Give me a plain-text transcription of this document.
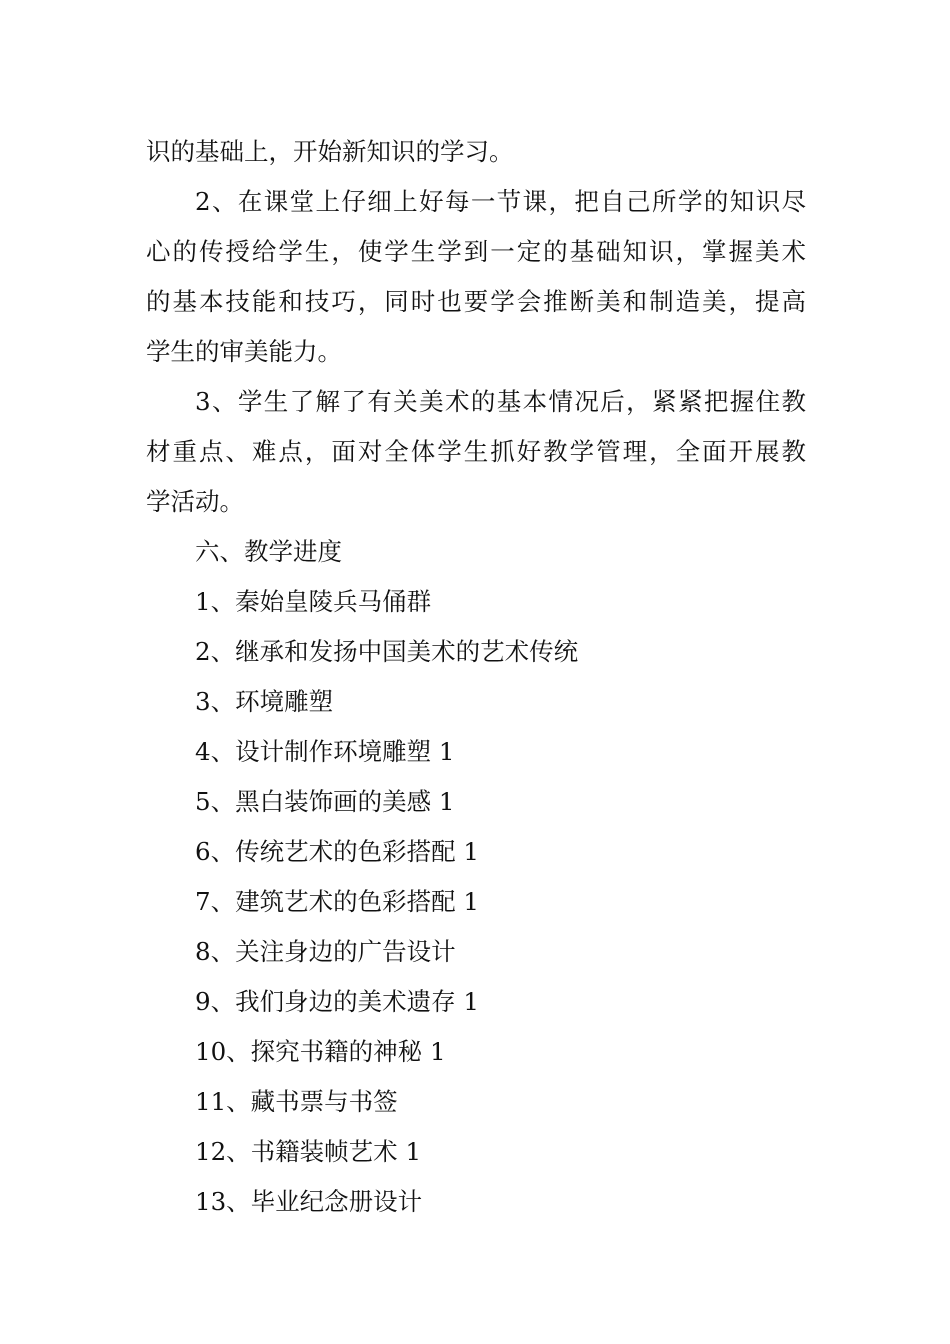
识的基础上，开始新知识的学习。
2、在课堂上仔细上好每一节课，把自己所学的知识尽
心的传授给学生，使学生学到一定的基础知识，掌握美术
的基本技能和技巧，同时也要学会推断美和制造美，提高
学生的审美能力。
3、学生了解了有关美术的基本情况后，紧紧把握住教
材重点、难点，面对全体学生抓好教学管理，全面开展教
学活动。
六、教学进度
1、秦始皇陵兵马俑群
2、继承和发扬中国美术的艺术传统
3、环境雕塑
4、设计制作环境雕塑 1
5、黑白装饰画的美感 1
6、传统艺术的色彩搭配 1
7、建筑艺术的色彩搭配 1
8、关注身边的广告设计
9、我们身边的美术遗存 1
10、探究书籍的神秘 1
11、藏书票与书签
12、书籍装帧艺术 1
13、毕业纪念册设计
